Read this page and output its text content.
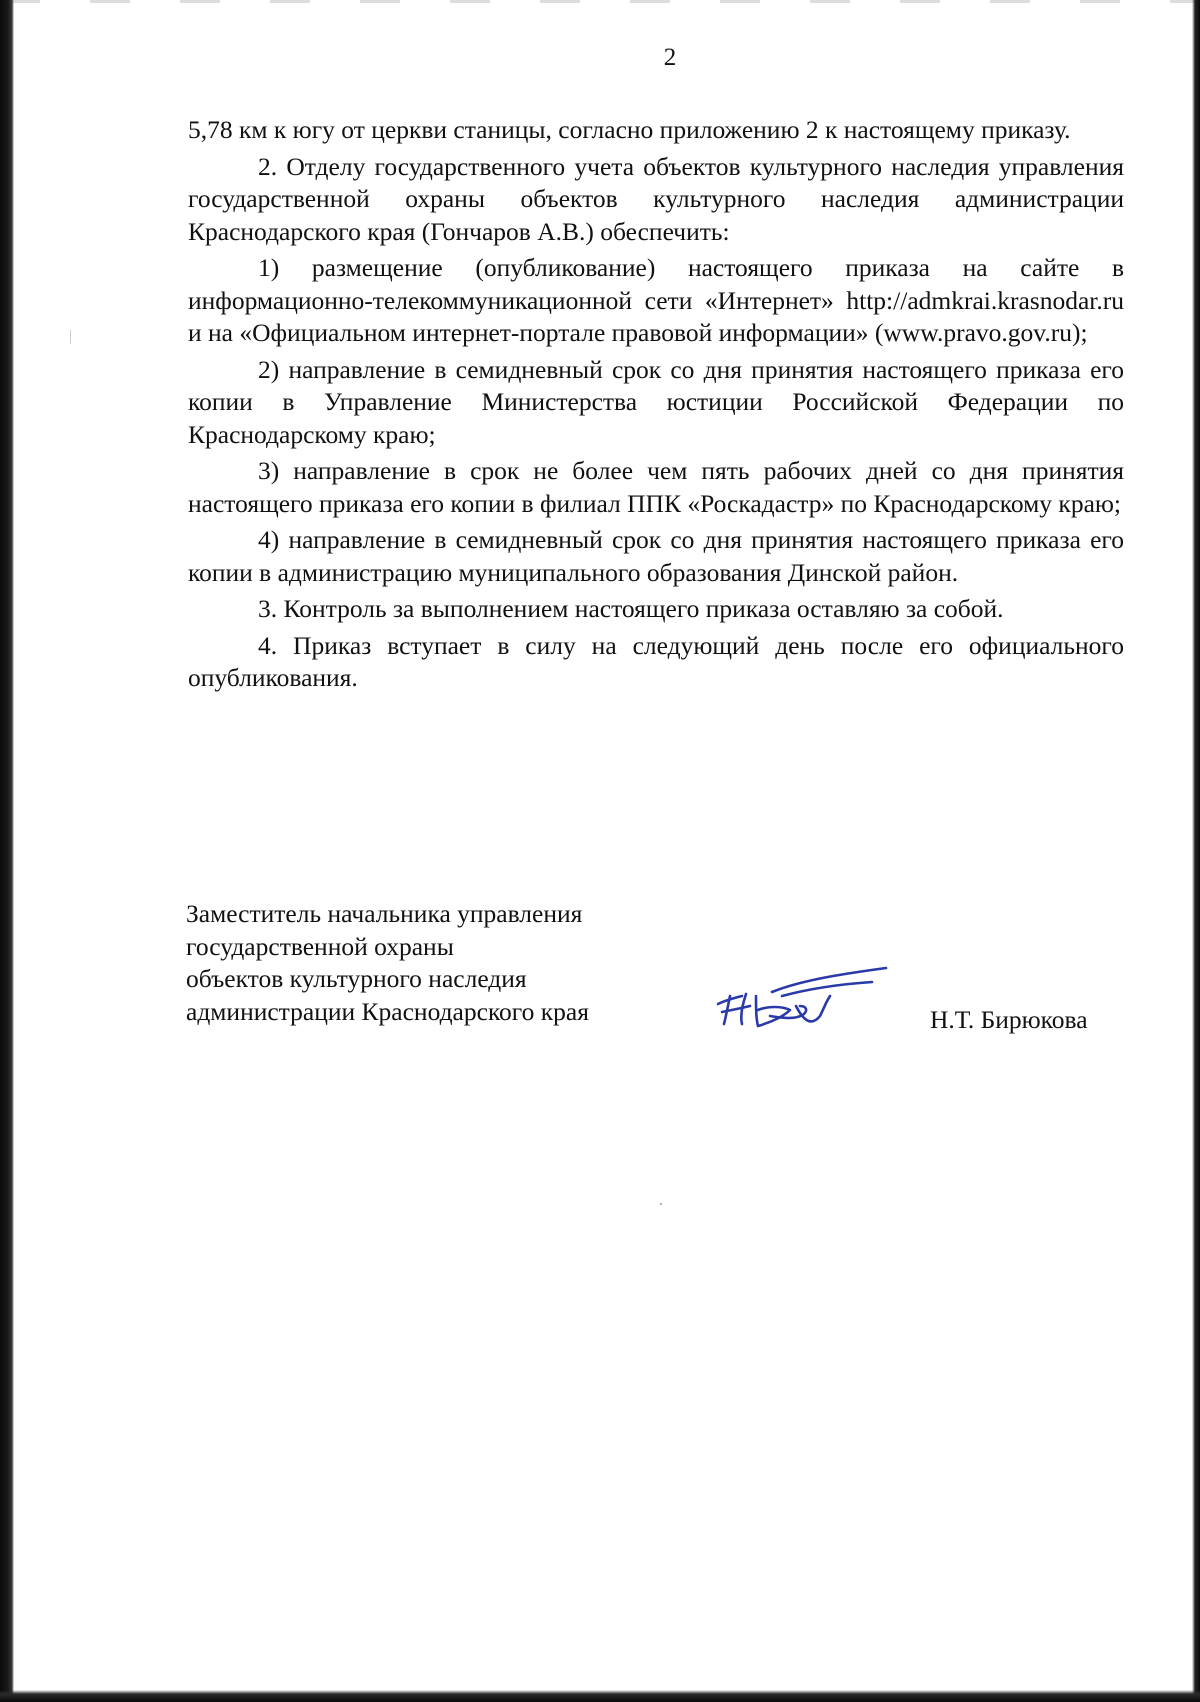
2

5,78 км к югу от церкви станицы, согласно приложению 2 к настоящему приказу.

2. Отделу государственного учета объектов культурного наследия управления государственной охраны объектов культурного наследия администрации Краснодарского края (Гончаров А.В.) обеспечить:

1) размещение (опубликование) настоящего приказа на сайте в информационно-телекоммуникационной сети «Интернет» http://admkrai.krasnodar.ru и на «Официальном интернет-портале правовой информации» (www.pravo.gov.ru);

2) направление в семидневный срок со дня принятия настоящего приказа его копии в Управление Министерства юстиции Российской Федерации по Краснодарскому краю;

3) направление в срок не более чем пять рабочих дней со дня принятия настоящего приказа его копии в филиал ППК «Роскадастр» по Краснодарскому краю;

4) направление в семидневный срок со дня принятия настоящего приказа его копии в администрацию муниципального образования Динской район.

3. Контроль за выполнением настоящего приказа оставляю за собой.

4. Приказ вступает в силу на следующий день после его официального опубликования.

Заместитель начальника управления
государственной охраны
объектов культурного наследия
администрации Краснодарского края	Н.Т. Бирюкова
